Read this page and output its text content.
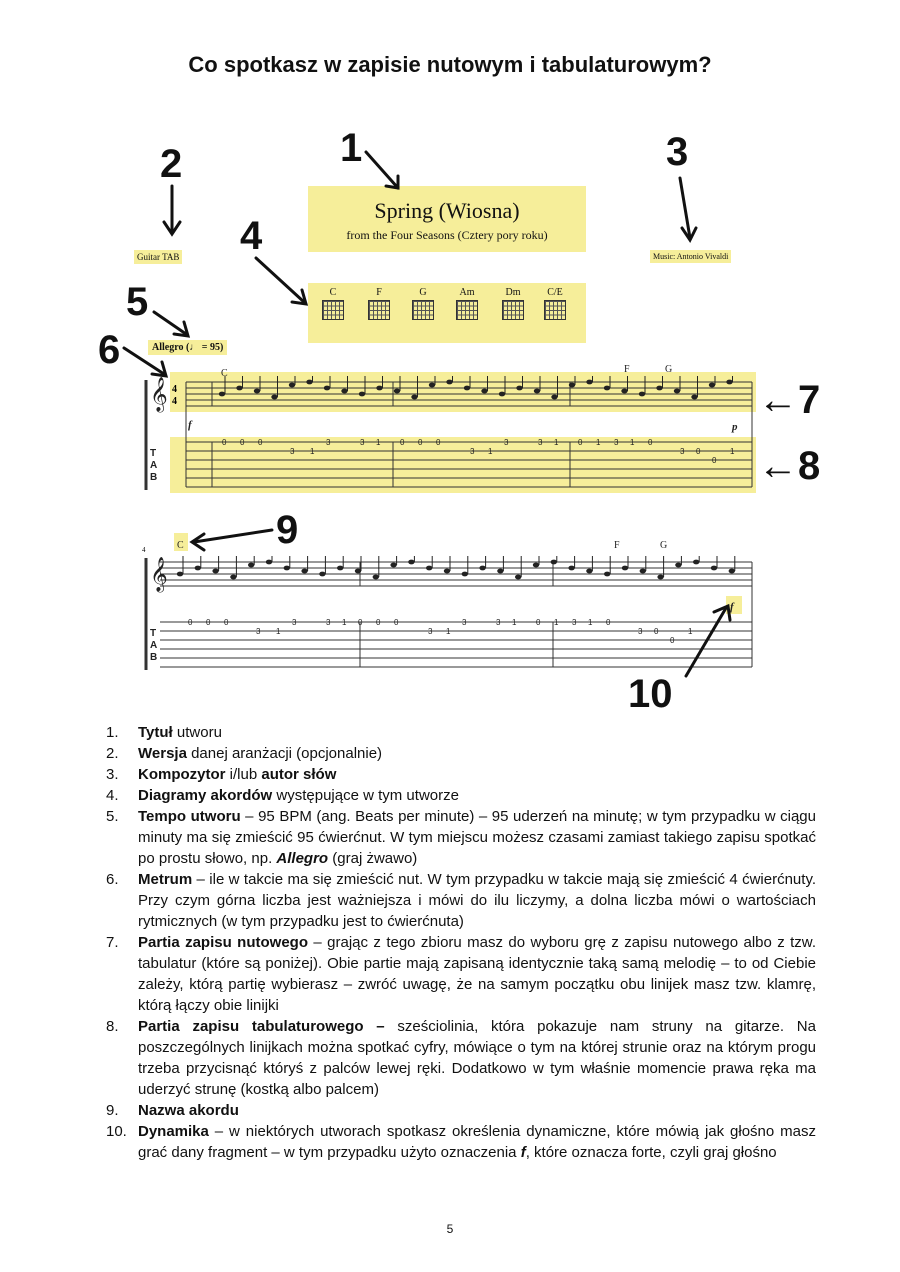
Co spotkasz w zapisie nutowym i tabulaturowym?
Spring (Wiosna)
from the Four Seasons (Cztery pory roku)
Guitar TAB	Music: Antonio Vivaldi
C	F	G	Am	Dm	C/E
Allegro (♩ = 95)
𝄞
𝄞
4
4
4
T
A
B
T
A
B
C	F	G
C	F	G
f	p
f
0 0 0
3 1
3	3 1 0 0 0
3 1
3	3 1 0 1 3 1 0
3 0
0
1
0 0 0
3 1
3	3 1 0 0 0
3 1
3	3 1 0 1 3 1 0
3 0
0
1
1
2	3
4
5
6
←7
←8
9
10
1.	Tytuł utworu
2.	Wersja danej aranżacji (opcjonalnie)
3.	Kompozytor i/lub autor słów
4.	Diagramy akordów występujące w tym utworze
5.	Tempo utworu – 95 BPM (ang. Beats per minute) – 95 uderzeń na minutę; w tym przypadku w ciągu minuty ma się zmieścić 95 ćwierćnut. W tym miejscu możesz czasami zamiast takiego zapisu spotkać po prostu słowo, np. Allegro (graj żwawo)
6.	Metrum – ile w takcie ma się zmieścić nut. W tym przypadku w takcie mają się zmieścić 4 ćwierćnuty. Przy czym górna liczba jest ważniejsza i mówi do ilu liczymy, a dolna liczba mówi o wartościach rytmicznych (w tym przypadku jest to ćwierćnuta)
7.	Partia zapisu nutowego – grając z tego zbioru masz do wyboru grę z zapisu nutowego albo z tzw. tabulatur (które są poniżej). Obie partie mają zapisaną identycznie taką samą melodię – to od Ciebie zależy, którą partię wybierasz – zwróć uwagę, że na samym początku obu linijek masz tzw. klamrę, którą łączy obie linijki
8.	Partia zapisu tabulaturowego – sześciolinia, która pokazuje nam struny na gitarze. Na poszczególnych linijkach można spotkać cyfry, mówiące o tym na której strunie oraz na którym progu trzeba przycisnąć któryś z palców lewej ręki. Dodatkowo w tym właśnie momencie prawa ręka ma uderzyć strunę (kostką albo palcem)
9.	Nazwa akordu
10. Dynamika – w niektórych utworach spotkasz określenia dynamiczne, które mówią jak głośno masz grać dany fragment – w tym przypadku użyto oznaczenia f, które oznacza forte, czyli graj głośno
5
